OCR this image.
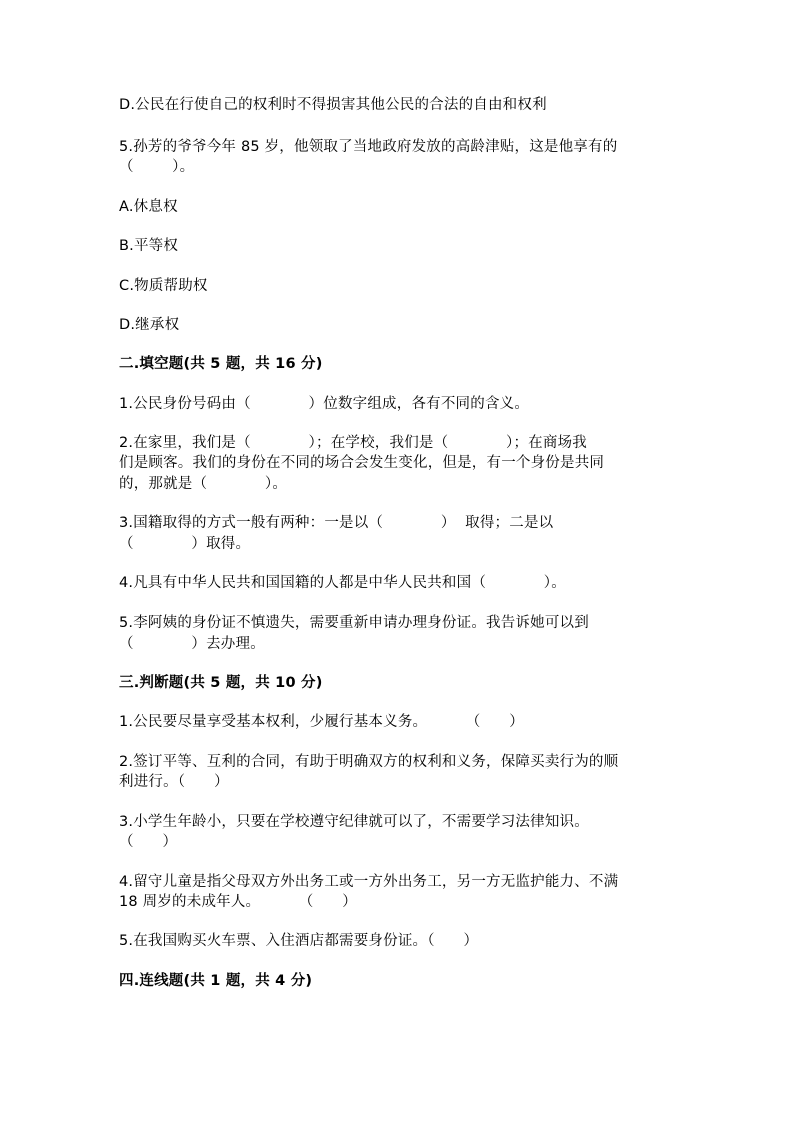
D.公民在行使自己的权利时不得损害其他公民的合法的自由和权利
5.孙芳的爷爷今年 85 岁，他领取了当地政府发放的高龄津贴，这是他享有的
（        ）。
A.休息权
B.平等权
C.物质帮助权
D.继承权
二.填空题(共 5 题，共 16 分)
1.公民身份号码由（            ）位数字组成，各有不同的含义。
2.在家里，我们是（            ）；在学校，我们是（            ）；在商场我
们是顾客。我们的身份在不同的场合会发生变化，但是，有一个身份是共同
的，那就是（            ）。
3.国籍取得的方式一般有两种：一是以（            ）  取得；二是以
（            ）取得。
4.凡具有中华人民共和国国籍的人都是中华人民共和国（            ）。
5.李阿姨的身份证不慎遗失，需要重新申请办理身份证。我告诉她可以到
（            ）去办理。
三.判断题(共 5 题，共 10 分)
1.公民要尽量享受基本权利，少履行基本义务。        （      ）
2.签订平等、互利的合同，有助于明确双方的权利和义务，保障买卖行为的顺
利进行。（      ）
3.小学生年龄小，只要在学校遵守纪律就可以了，不需要学习法律知识。
（      ）
4.留守儿童是指父母双方外出务工或一方外出务工，另一方无监护能力、不满
18 周岁的未成年人。        （      ）
5.在我国购买火车票、入住酒店都需要身份证。（      ）
四.连线题(共 1 题，共 4 分)
